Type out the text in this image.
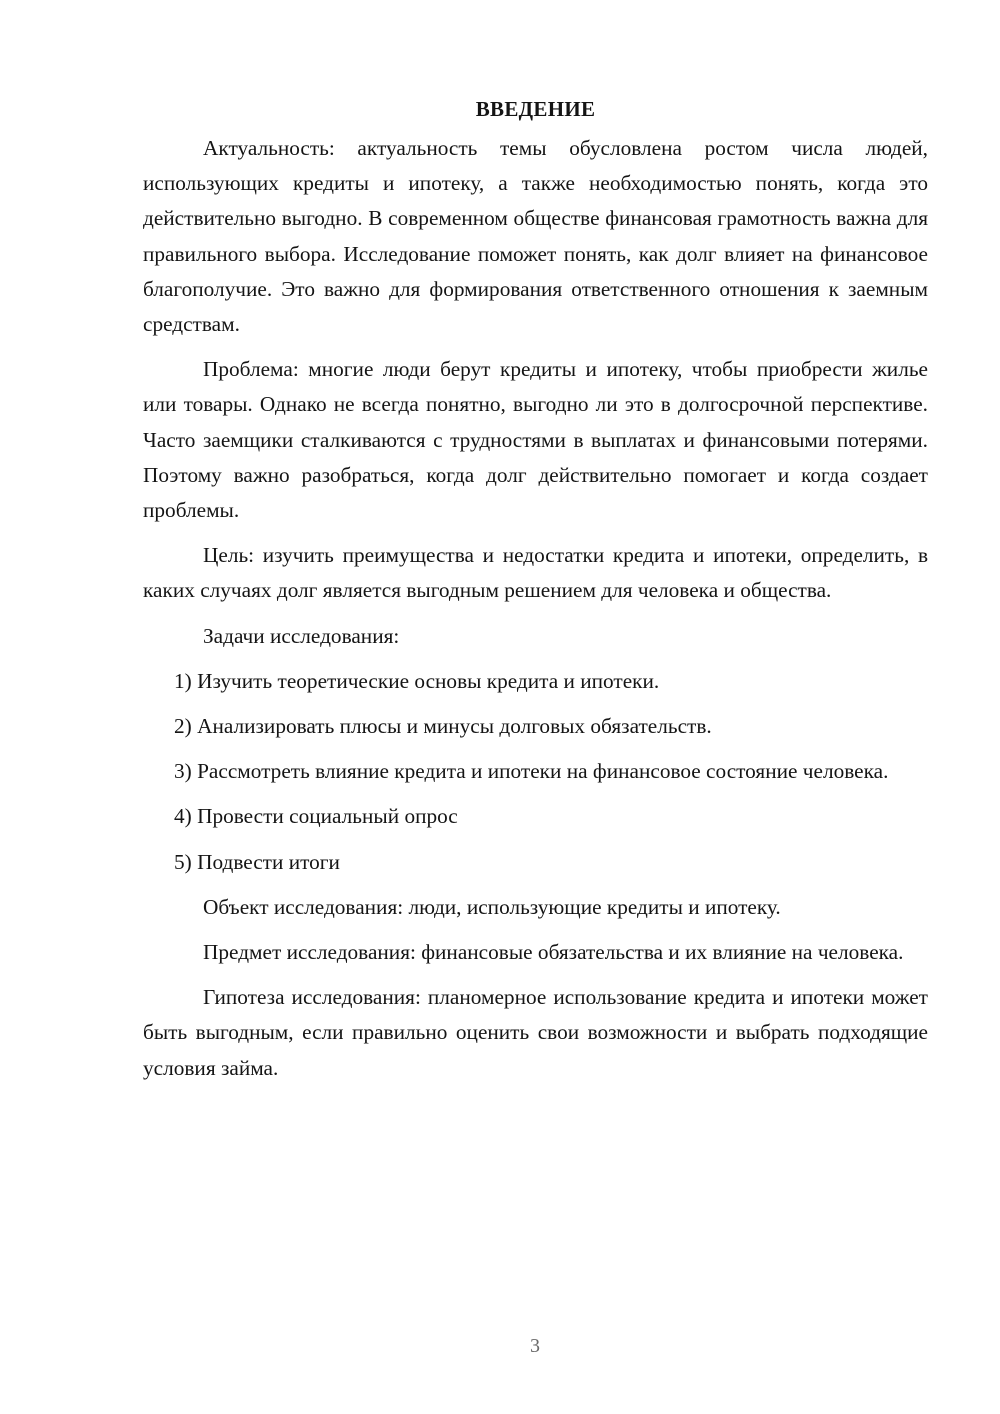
ВВЕДЕНИЕ

Актуальность: актуальность темы обусловлена ростом числа людей, использующих кредиты и ипотеку, а также необходимостью понять, когда это действительно выгодно. В современном обществе финансовая грамотность важна для правильного выбора. Исследование поможет понять, как долг влияет на финансовое благополучие. Это важно для формирования ответственного отношения к заемным средствам.

Проблема: многие люди берут кредиты и ипотеку, чтобы приобрести жилье или товары. Однако не всегда понятно, выгодно ли это в долгосрочной перспективе. Часто заемщики сталкиваются с трудностями в выплатах и финансовыми потерями. Поэтому важно разобраться, когда долг действительно помогает и когда создает проблемы.

Цель: изучить преимущества и недостатки кредита и ипотеки, определить, в каких случаях долг является выгодным решением для человека и общества.

Задачи исследования:

1) Изучить теоретические основы кредита и ипотеки.

2) Анализировать плюсы и минусы долговых обязательств.

3) Рассмотреть влияние кредита и ипотеки на финансовое состояние человека.

4) Провести социальный опрос

5) Подвести итоги

Объект исследования: люди, использующие кредиты и ипотеку.

Предмет исследования: финансовые обязательства и их влияние на человека.

Гипотеза исследования: планомерное использование кредита и ипотеки может быть выгодным, если правильно оценить свои возможности и выбрать подходящие условия займа.

3
